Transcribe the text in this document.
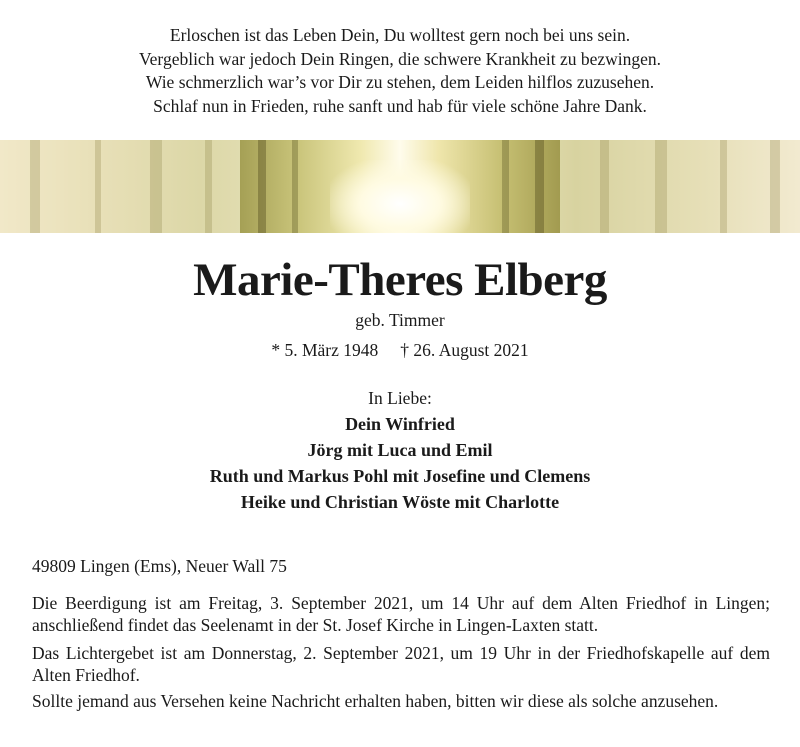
Erloschen ist das Leben Dein, Du wolltest gern noch bei uns sein.
Vergeblich war jedoch Dein Ringen, die schwere Krankheit zu bezwingen.
Wie schmerzlich war’s vor Dir zu stehen, dem Leiden hilflos zuzusehen.
Schlaf nun in Frieden, ruhe sanft und hab für viele schöne Jahre Dank.
Marie-Theres Elberg
geb. Timmer
* 5. März 1948 † 26. August 2021
In Liebe:
Dein Winfried
Jörg mit Luca und Emil
Ruth und Markus Pohl mit Josefine und Clemens
Heike und Christian Wöste mit Charlotte
49809 Lingen (Ems), Neuer Wall 75
Die Beerdigung ist am Freitag, 3. September 2021, um 14 Uhr auf dem Alten Friedhof in Lingen; anschließend findet das Seelenamt in der St. Josef Kirche in Lingen-Laxten statt.
Das Lichtergebet ist am Donnerstag, 2. September 2021, um 19 Uhr in der Friedhofskapelle auf dem Alten Friedhof.
Sollte jemand aus Versehen keine Nachricht erhalten haben, bitten wir diese als solche anzusehen.
